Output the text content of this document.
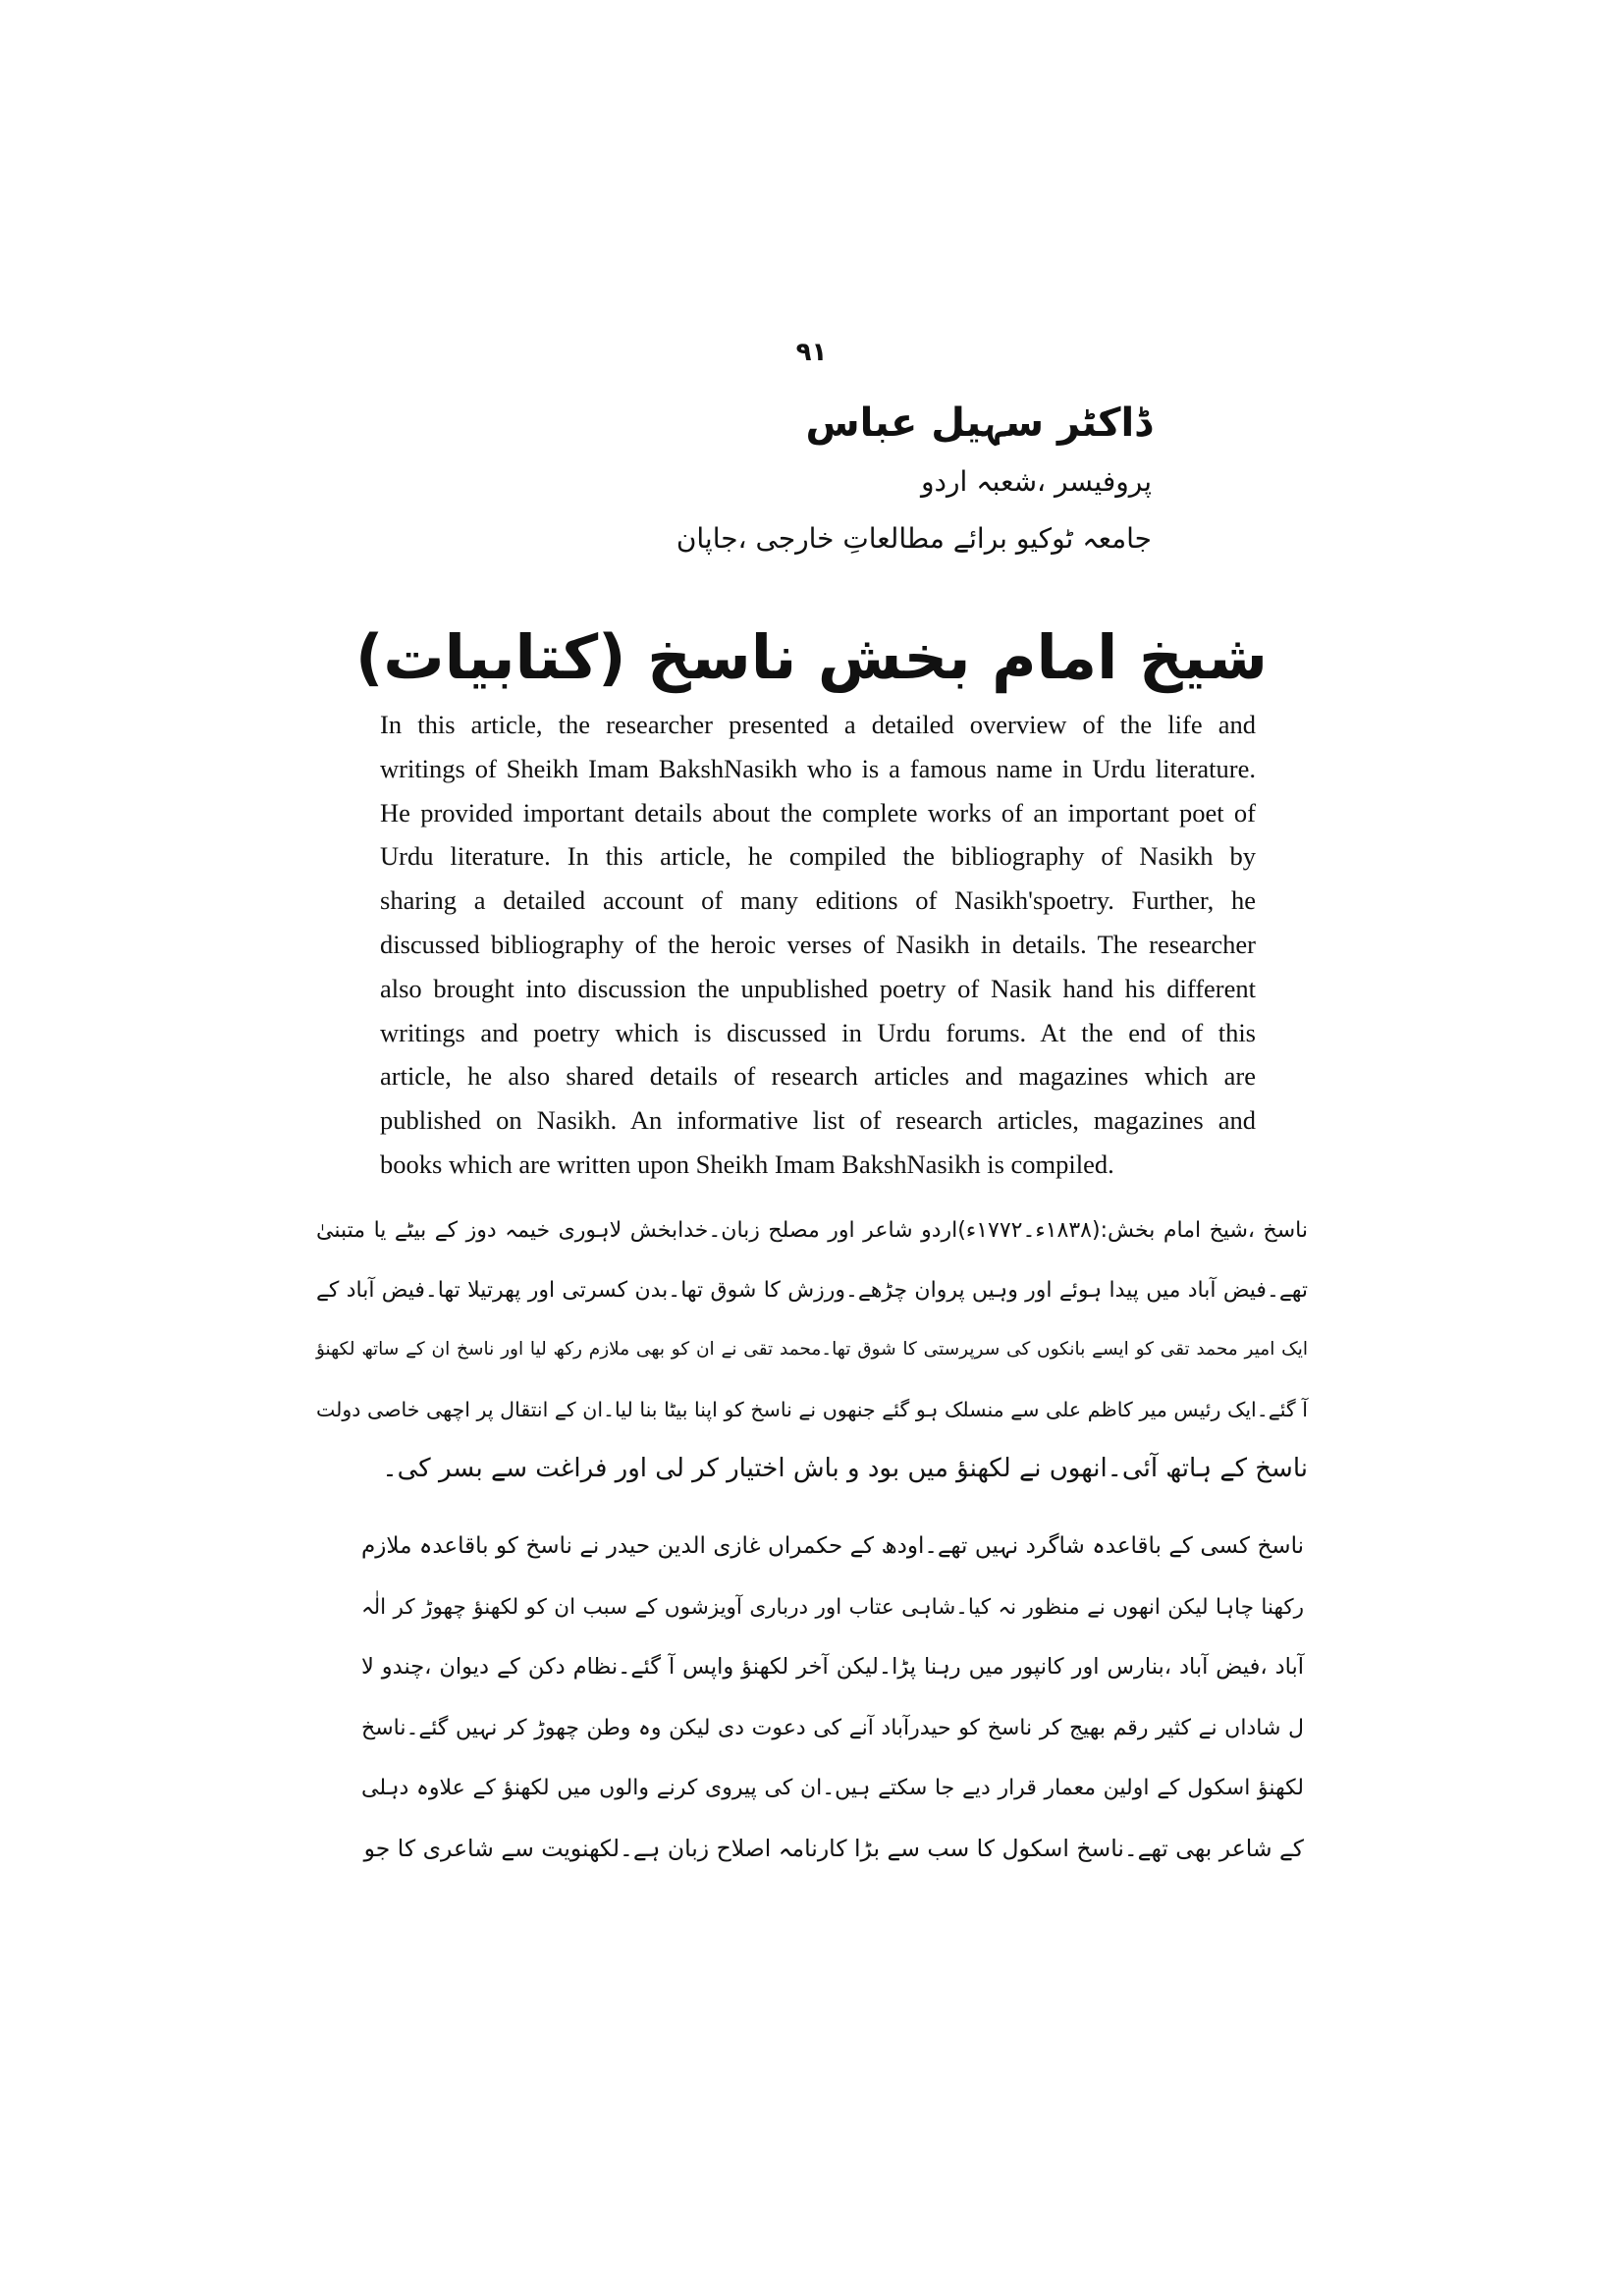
۹۱
ڈاکٹر سہیل عباس
پروفیسر ،شعبہ اردو
جامعہ ٹوکیو برائے مطالعاتِ خارجی ،جاپان
شیخ امام بخش ناسخ (کتابیات)
In this article, the researcher presented a detailed overview of the life and
writings of Sheikh Imam BakshNasikh who is a famous name in Urdu literature.
He provided important details about the complete works of an important poet of
Urdu literature. In this article, he compiled the bibliography of Nasikh by
sharing a detailed account of many editions of Nasikh'spoetry. Further, he
discussed bibliography of the heroic verses of Nasikh in details. The researcher
also brought into discussion the unpublished poetry of Nasik hand his different
writings and poetry which is discussed in Urdu forums. At the end of this
article, he also shared details of research articles and magazines which are
published on Nasikh. An informative list of research articles, magazines and
books which are written upon Sheikh Imam BakshNasikh is compiled.
ناسخ ،شیخ امام بخش:(۱۸۳۸ء۔۱۷۷۲ء)اردو شاعر اور مصلح زبان۔خدابخش لاہوری خیمہ دوز کے بیٹے یا متبنیٰ
تھے۔فیض آباد میں پیدا ہوئے اور وہیں پروان چڑھے۔ورزش کا شوق تھا۔بدن کسرتی اور پھرتیلا تھا۔فیض آباد کے
ایک امیر محمد تقی کو ایسے بانکوں کی سرپرستی کا شوق تھا۔محمد تقی نے ان کو بھی ملازم رکھ لیا اور ناسخ ان کے ساتھ لکھنؤ
آ گئے۔ایک رئیس میر کاظم علی سے منسلک ہو گئے جنھوں نے ناسخ کو اپنا بیٹا بنا لیا۔ان کے انتقال پر اچھی خاصی دولت
ناسخ کے ہاتھ آئی۔انھوں نے لکھنؤ میں بود و باش اختیار کر لی اور فراغت سے بسر کی۔
ناسخ کسی کے باقاعدہ شاگرد نہیں تھے۔اودھ کے حکمراں غازی الدین حیدر نے ناسخ کو باقاعدہ ملازم
رکھنا چاہا لیکن انھوں نے منظور نہ کیا۔شاہی عتاب اور درباری آویزشوں کے سبب ان کو لکھنؤ چھوڑ کر الٰہ
آباد ،فیض آباد ،بنارس اور کانپور میں رہنا پڑا۔لیکن آخر لکھنؤ واپس آ گئے۔نظام دکن کے دیوان ،چندو لا
ل شاداں نے کثیر رقم بھیج کر ناسخ کو حیدرآباد آنے کی دعوت دی لیکن وہ وطن چھوڑ کر نہیں گئے۔ناسخ
لکھنؤ اسکول کے اولین معمار قرار دیے جا سکتے ہیں۔ان کی پیروی کرنے والوں میں لکھنؤ کے علاوہ دہلی
کے شاعر بھی تھے۔ناسخ اسکول کا سب سے بڑا کارنامہ اصلاح زبان ہے۔لکھنویت سے شاعری کا جو
